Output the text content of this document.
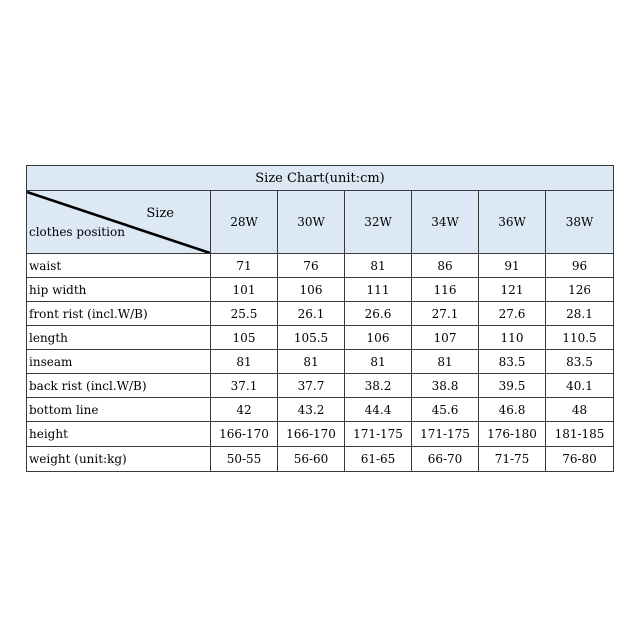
Size Chart(unit:cm)						

Size
clothes position	28W	30W	32W	34W	36W	38W
waist	71	76	81	86	91	96
hip width	101	106	111	116	121	126
front rist (incl.W/B)	25.5	26.1	26.6	27.1	27.6	28.1
length	105	105.5	106	107	110	110.5
inseam	81	81	81	81	83.5	83.5
back rist (incl.W/B)	37.1	37.7	38.2	38.8	39.5	40.1
bottom line	42	43.2	44.4	45.6	46.8	48
height	166-170	166-170	171-175	171-175	176-180	181-185
weight (unit:kg)	50-55	56-60	61-65	66-70	71-75	76-80
